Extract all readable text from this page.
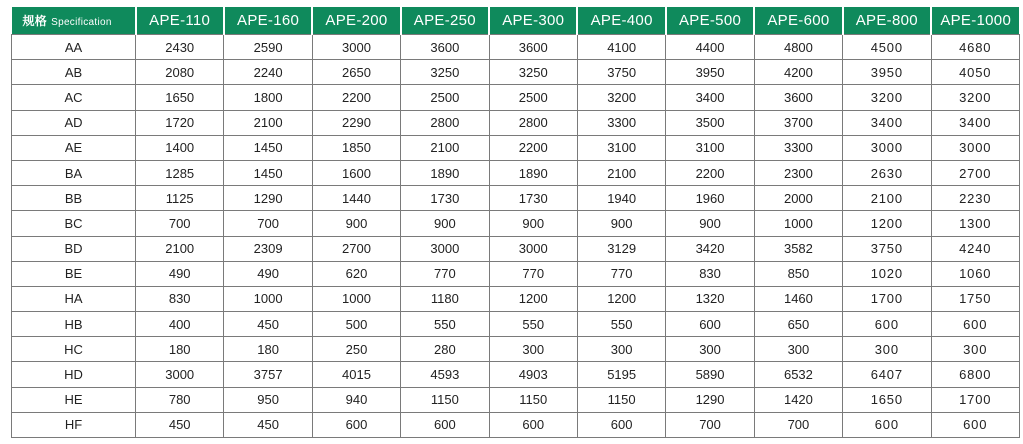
规格 Specification	APE-110	APE-160	APE-200	APE-250	APE-300	APE-400	APE-500	APE-600	APE-800	APE-1000
AA	2430	2590	3000	3600	3600	4100	4400	4800	4500	4680
AB	2080	2240	2650	3250	3250	3750	3950	4200	3950	4050
AC	1650	1800	2200	2500	2500	3200	3400	3600	3200	3200
AD	1720	2100	2290	2800	2800	3300	3500	3700	3400	3400
AE	1400	1450	1850	2100	2200	3100	3100	3300	3000	3000
BA	1285	1450	1600	1890	1890	2100	2200	2300	2630	2700
BB	1125	1290	1440	1730	1730	1940	1960	2000	2100	2230
BC	700	700	900	900	900	900	900	1000	1200	1300
BD	2100	2309	2700	3000	3000	3129	3420	3582	3750	4240
BE	490	490	620	770	770	770	830	850	1020	1060
HA	830	1000	1000	1180	1200	1200	1320	1460	1700	1750
HB	400	450	500	550	550	550	600	650	600	600
HC	180	180	250	280	300	300	300	300	300	300
HD	3000	3757	4015	4593	4903	5195	5890	6532	6407	6800
HE	780	950	940	1150	1150	1150	1290	1420	1650	1700
HF	450	450	600	600	600	600	700	700	600	600
